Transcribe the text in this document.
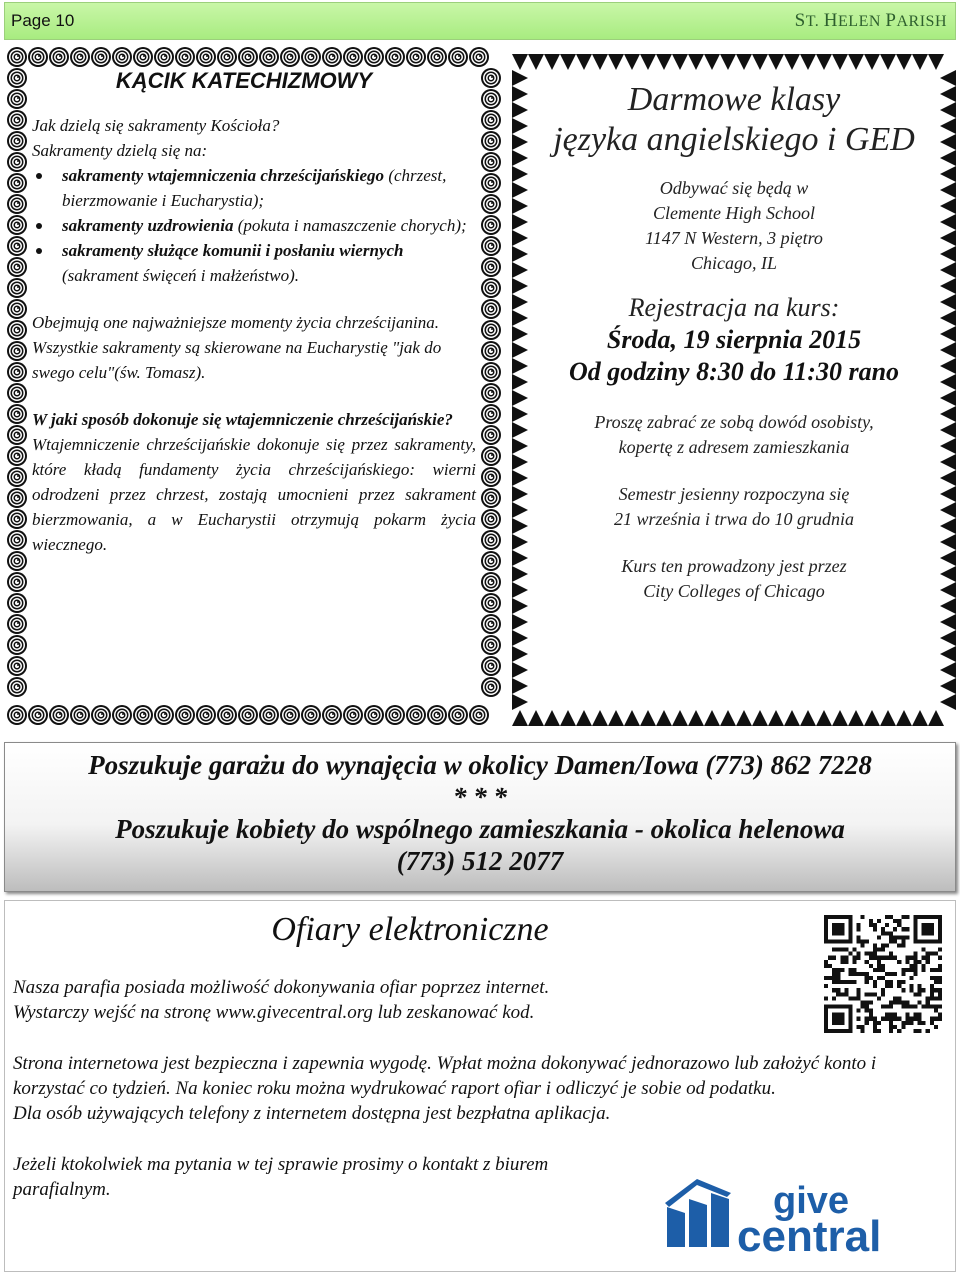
Page 10	ST. HELEN PARISH
KĄCIK KATECHIZMOWY

Jak dzielą się sakramenty Kościoła?

Sakramenty dzielą się na:

sakramenty wtajemniczenia chrześcijańskiego (chrzest, bierzmowanie i Eucharystia);
sakramenty uzdrowienia (pokuta i namaszczenie chorych);
sakramenty służące komunii i posłaniu wiernych (sakrament święceń i małżeństwo).

Obejmują one najważniejsze momenty życia chrześcijanina. Wszystkie sakramenty są skierowane na Eucharystię "jak do swego celu"(św. Tomasz).

W jaki sposób dokonuje się wtajemniczenie chrześcijańskie?

Wtajemniczenie chrześcijańskie dokonuje się przez sakramenty, które kładą fundamenty życia chrześcijańskiego: wierni odrodzeni przez chrzest, zostają umocnieni przez sakrament bierzmowania, a w Eucharystii otrzymują pokarm życia wiecznego.

Darmowe klasy
języka angielskiego i GED
Odbywać się będą w
Clemente High School
1147 N Western, 3 piętro
Chicago, IL
Rejestracja na kurs:
Środa, 19 sierpnia 2015
Od godziny 8:30 do 11:30 rano
Proszę zabrać ze sobą dowód osobisty,
kopertę z adresem zamieszkania
Semestr jesienny rozpoczyna się
21 września i trwa do 10 grudnia
Kurs ten prowadzony jest przez
City Colleges of Chicago
Poszukuje garażu do wynajęcia w okolicy Damen/Iowa (773) 862 7228
* * *
Poszukuje kobiety do wspólnego zamieszkania - okolica helenowa
(773) 512 2077
Ofiary elektroniczne
Nasza parafia posiada możliwość dokonywania ofiar poprzez internet.
Wystarczy wejść na stronę www.givecentral.org lub zeskanować kod.
Strona internetowa jest bezpieczna i zapewnia wygodę. Wpłat można dokonywać jednorazowo lub założyć konto i korzystać co tydzień. Na koniec roku można wydrukować raport ofiar i odliczyć je sobie od podatku.
Dla osób używających telefony z internetem dostępna jest bezpłatna aplikacja.
Jeżeli ktokolwiek ma pytania w tej sprawie prosimy o kontakt z biurem parafialnym.	give
central
